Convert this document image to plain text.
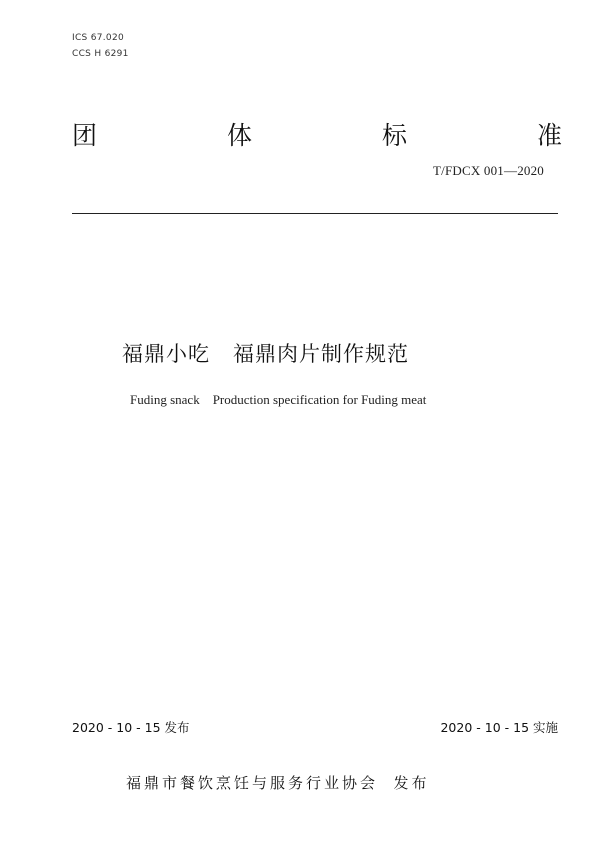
ICS 67.020
CCS H 6291
团	体	标	准
T/FDCX 001—2020
福鼎小吃   福鼎肉片制作规范
Fuding snack    Production specification for Fuding meat
2020 - 10 - 15 发布	2020 - 10 - 15 实施
福鼎市餐饮烹饪与服务行业协会  发布
